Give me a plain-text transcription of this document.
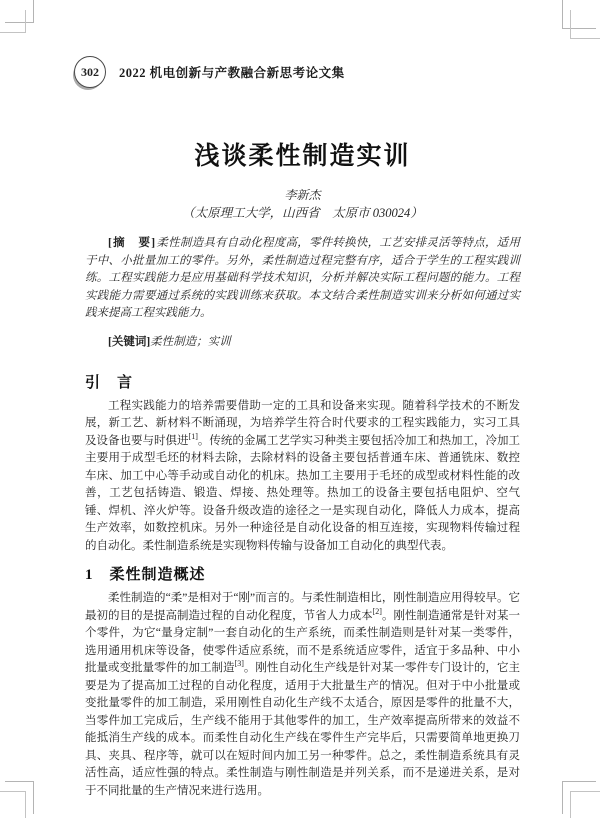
302 2022 机电创新与产教融合新思考论文集
浅谈柔性制造实训
李新杰
（太原理工大学，山西省　太原市 030024）

[摘　要]柔性制造具有自动化程度高，零件转换快，工艺安排灵活等特点，适用于中、小批量加工的零件。另外，柔性制造过程完整有序，适合于学生的工程实践训练。工程实践能力是应用基础科学技术知识，分析并解决实际工程问题的能力。工程实践能力需要通过系统的实践训练来获取。本文结合柔性制造实训来分析如何通过实践来提高工程实践能力。

[关键词]柔性制造；实训

引　言

工程实践能力的培养需要借助一定的工具和设备来实现。随着科学技术的不断发展，新工艺、新材料不断涌现，为培养学生符合时代要求的工程实践能力，实习工具及设备也要与时俱进[1]。传统的金属工艺学实习种类主要包括冷加工和热加工，冷加工主要用于成型毛坯的材料去除，去除材料的设备主要包括普通车床、普通铣床、数控车床、加工中心等手动或自动化的机床。热加工主要用于毛坯的成型或材料性能的改善，工艺包括铸造、锻造、焊接、热处理等。热加工的设备主要包括电阻炉、空气锤、焊机、淬火炉等。设备升级改造的途径之一是实现自动化，降低人力成本，提高生产效率，如数控机床。另外一种途径是自动化设备的相互连接，实现物料传输过程的自动化。柔性制造系统是实现物料传输与设备加工自动化的典型代表。

1　柔性制造概述

柔性制造的“柔”是相对于“刚”而言的。与柔性制造相比，刚性制造应用得较早。它最初的目的是提高制造过程的自动化程度，节省人力成本[2]。刚性制造通常是针对某一个零件，为它“量身定制”一套自动化的生产系统，而柔性制造则是针对某一类零件，选用通用机床等设备，使零件适应系统，而不是系统适应零件，适宜于多品种、中小批量或变批量零件的加工制造[3]。刚性自动化生产线是针对某一零件专门设计的，它主要是为了提高加工过程的自动化程度，适用于大批量生产的情况。但对于中小批量或变批量零件的加工制造，采用刚性自动化生产线不太适合，原因是零件的批量不大，当零件加工完成后，生产线不能用于其他零件的加工，生产效率提高所带来的效益不能抵消生产线的成本。而柔性自动化生产线在零件生产完毕后，只需要简单地更换刀具、夹具、程序等，就可以在短时间内加工另一种零件。总之，柔性制造系统具有灵活性高，适应性强的特点。柔性制造与刚性制造是并列关系，而不是递进关系，是对于不同批量的生产情况来进行选用。
